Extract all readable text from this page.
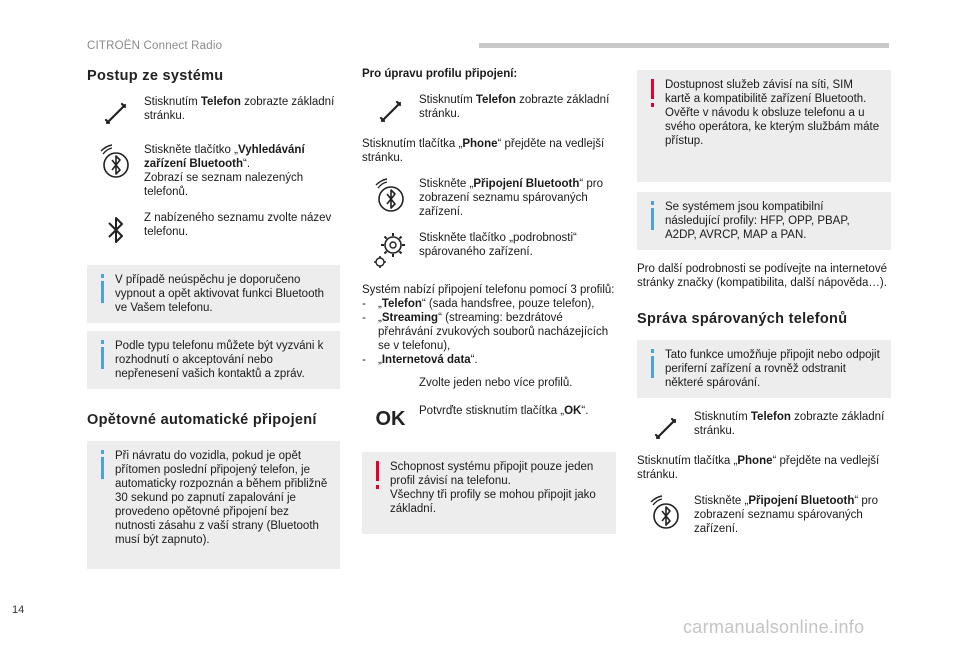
CITROËN Connect Radio
Postup ze systému
Stisknutím Telefon zobrazte základní stránku.
Stiskněte tlačítko „Vyhledávání zařízení Bluetooth“.
Zobrazí se seznam nalezených telefonů.
Z nabízeného seznamu zvolte název telefonu.
V případě neúspěchu je doporučeno vypnout a opět aktivovat funkci Bluetooth ve Vašem telefonu.
Podle typu telefonu můžete být vyzváni k rozhodnutí o akceptování nebo nepřenesení vašich kontaktů a zpráv.
Opětovné automatické připojení
Při návratu do vozidla, pokud je opět přítomen poslední připojený telefon, je automaticky rozpoznán a během přibližně 30 sekund po zapnutí zapalování je provedeno opětovné připojení bez nutnosti zásahu z vaší strany (Bluetooth musí být zapnuto).
Pro úpravu profilu připojení:
Stisknutím Telefon zobrazte základní stránku.
Stisknutím tlačítka „Phone“ přejděte na vedlejší stránku.
Stiskněte „Připojení Bluetooth“ pro zobrazení seznamu spárovaných zařízení.
Stiskněte tlačítko „podrobnosti“ spárovaného zařízení.
Systém nabízí připojení telefonu pomocí 3 profilů:
-	„Telefon“ (sada handsfree, pouze telefon),
-	„Streaming“ (streaming: bezdrátové přehrávání zvukových souborů nacházejících se v telefonu),
-	„Internetová data“.
Zvolte jeden nebo více profilů.
OK Potvrďte stisknutím tlačítka „OK“.
Schopnost systému připojit pouze jeden profil závisí na telefonu.
Všechny tři profily se mohou připojit jako základní.
Dostupnost služeb závisí na síti, SIM kartě a kompatibilitě zařízení Bluetooth. Ověřte v návodu k obsluze telefonu a u svého operátora, ke kterým službám máte přístup.
Se systémem jsou kompatibilní následující profily: HFP, OPP, PBAP, A2DP, AVRCP, MAP a PAN.
Pro další podrobnosti se podívejte na internetové stránky značky (kompatibilita, další nápověda…).
Správa spárovaných telefonů
Tato funkce umožňuje připojit nebo odpojit periferní zařízení a rovněž odstranit některé spárování.
Stisknutím Telefon zobrazte základní stránku.
Stisknutím tlačítka „Phone“ přejděte na vedlejší stránku.
Stiskněte „Připojení Bluetooth“ pro zobrazení seznamu spárovaných zařízení.
14
carmanualsonline.info
